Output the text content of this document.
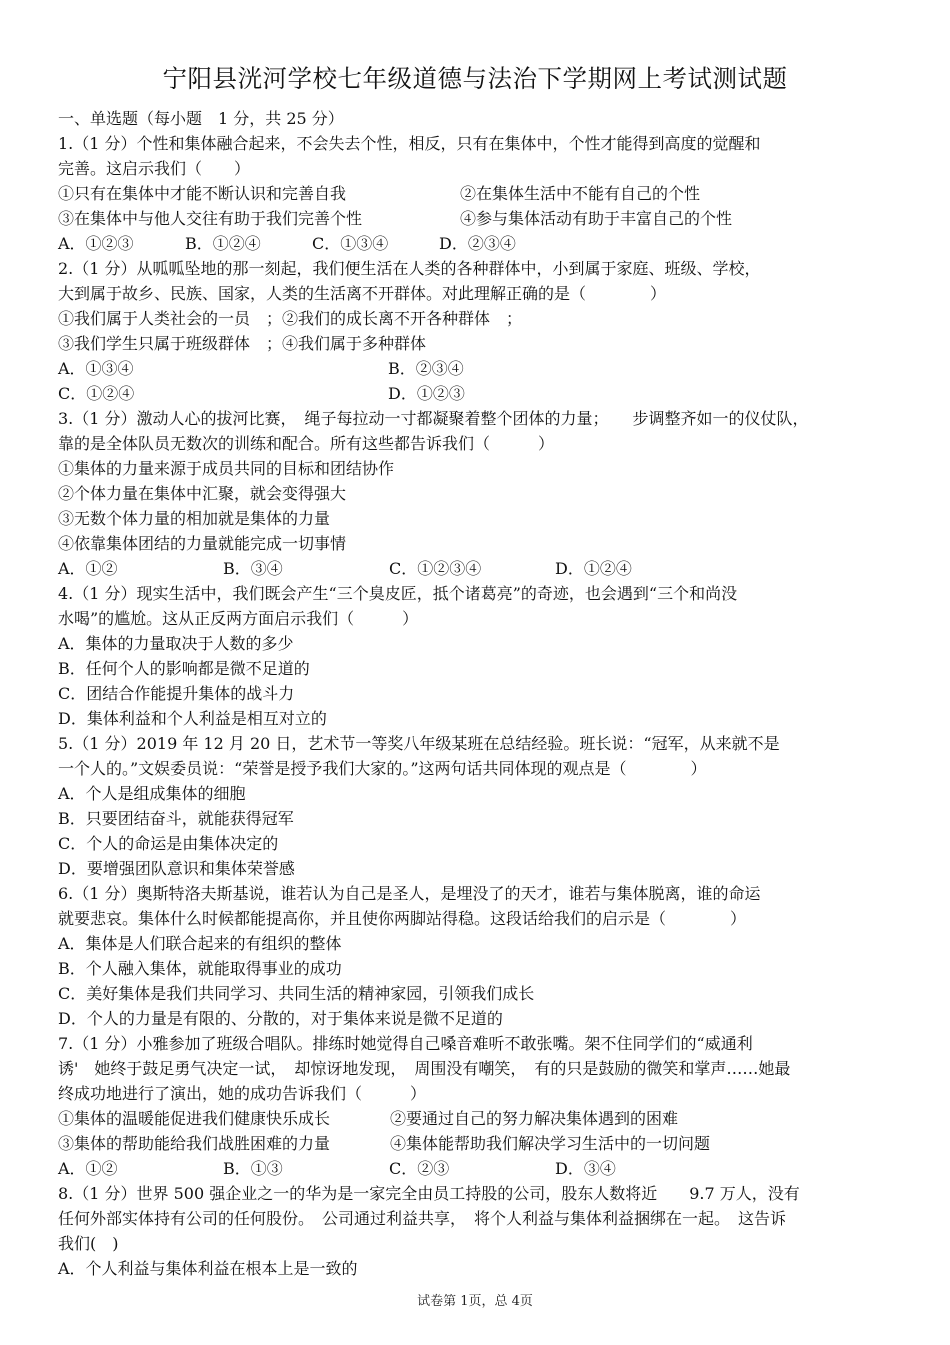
宁阳县洸河学校七年级道德与法治下学期网上考试测试题
一、单选题（每小题　1 分，共 25 分）
1.（1 分）个性和集体融合起来，不会失去个性，相反，只有在集体中，个性才能得到高度的觉醒和
完善。这启示我们（　　）
①只有在集体中才能不断认识和完善自我	②在集体生活中不能有自己的个性
③在集体中与他人交往有助于我们完善个性	④参与集体活动有助于丰富自己的个性
A．①②③	B．①②④	C．①③④	D．②③④
2.（1 分）从呱呱坠地的那一刻起，我们便生活在人类的各种群体中，小到属于家庭、班级、学校，
大到属于故乡、民族、国家，人类的生活离不开群体。对此理解正确的是（　　　　）
①我们属于人类社会的一员　；②我们的成长离不开各种群体　；
③我们学生只属于班级群体　；④我们属于多种群体
A．①③④	B．②③④
C．①②④	D．①②③
3.（1 分）激动人心的拔河比赛，　绳子每拉动一寸都凝聚着整个团体的力量；　　步调整齐如一的仪仗队，
靠的是全体队员无数次的训练和配合。所有这些都告诉我们（　　　）
①集体的力量来源于成员共同的目标和团结协作
②个体力量在集体中汇聚，就会变得强大
③无数个体力量的相加就是集体的力量
④依靠集体团结的力量就能完成一切事情
A．①②	B．③④	C．①②③④	D．①②④
4.（1 分）现实生活中，我们既会产生“三个臭皮匠，抵个诸葛亮”的奇迹，也会遇到“三个和尚没
水喝”的尴尬。这从正反两方面启示我们（　　　）
A．集体的力量取决于人数的多少
B．任何个人的影响都是微不足道的
C．团结合作能提升集体的战斗力
D．集体利益和个人利益是相互对立的
5.（1 分）2019 年 12 月 20 日，艺术节一等奖八年级某班在总结经验。班长说：“冠军，从来就不是
一个人的。”文娱委员说：“荣誉是授予我们大家的。”这两句话共同体现的观点是（　　　　）
A．个人是组成集体的细胞
B．只要团结奋斗，就能获得冠军
C．个人的命运是由集体决定的
D．要增强团队意识和集体荣誉感
6.（1 分）奥斯特洛夫斯基说，谁若认为自己是圣人，是埋没了的天才，谁若与集体脱离，谁的命运
就要悲哀。集体什么时候都能提高你，并且使你两脚站得稳。这段话给我们的启示是（　　　　）
A．集体是人们联合起来的有组织的整体
B．个人融入集体，就能取得事业的成功
C．美好集体是我们共同学习、共同生活的精神家园，引领我们成长
D．个人的力量是有限的、分散的，对于集体来说是微不足道的
7.（1 分）小雅参加了班级合唱队。排练时她觉得自己嗓音难听不敢张嘴。架不住同学们的“威通利
诱'　她终于鼓足勇气决定一试，　却惊讶地发现，　周围没有嘲笑，　有的只是鼓励的微笑和掌声……她最
终成功地进行了演出，她的成功告诉我们（　　　）
①集体的温暖能促进我们健康快乐成长	②要通过自己的努力解决集体遇到的困难
③集体的帮助能给我们战胜困难的力量	④集体能帮助我们解决学习生活中的一切问题
A．①②	B．①③	C．②③	D．③④
8.（1 分）世界 500 强企业之一的华为是一家完全由员工持股的公司，股东人数将近　　9.7 万人，没有
任何外部实体持有公司的任何股份。　公司通过利益共享，　将个人利益与集体利益捆绑在一起。　这告诉
我们(　)
A．个人利益与集体利益在根本上是一致的
试卷第 1页，总 4页
